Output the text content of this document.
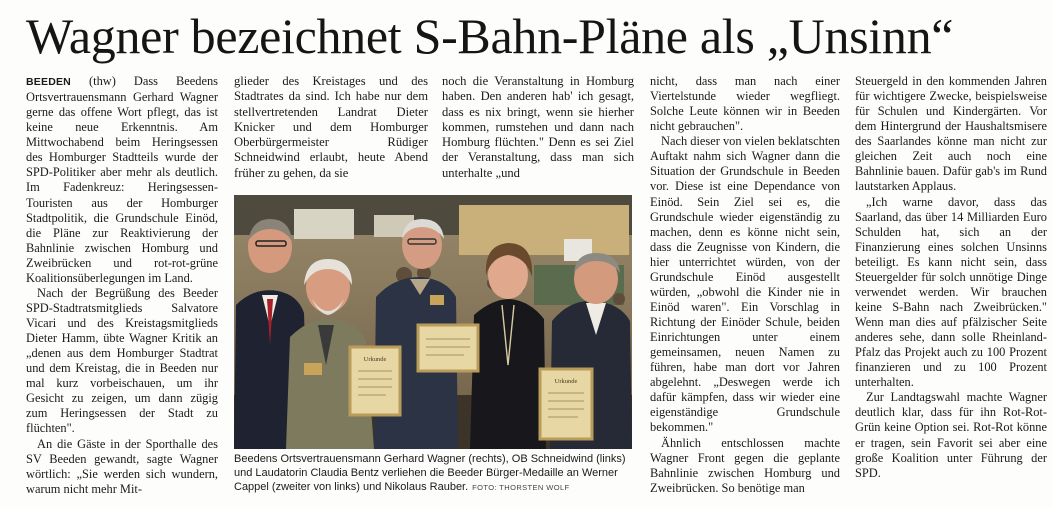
Wagner bezeichnet S-Bahn-Pläne als „Unsinn“

BEEDEN (thw) Dass Beedens Ortsvertrauensmann Gerhard Wagner gerne das offene Wort pflegt, das ist keine neue Erkenntnis. Am Mittwochabend beim Heringsessen des Homburger Stadtteils wurde der SPD-Politiker aber mehr als deutlich. Im Fadenkreuz: Heringsessen-Touristen aus der Homburger Stadtpolitik, die Grundschule Einöd, die Pläne zur Reaktivierung der Bahnlinie zwischen Homburg und Zweibrücken und rot-rot-grüne Koalitionsüberlegungen im Land.

Nach der Begrüßung des Beeder SPD-Stadtratsmitglieds Salvatore Vicari und des Kreistagsmitglieds Dieter Hamm, übte Wagner Kritik an „denen aus dem Homburger Stadtrat und dem Kreistag, die in Beeden nur mal kurz vorbeischauen, um ihr Gesicht zu zeigen, um dann zügig zum Heringsessen der Stadt zu flüchten".

An die Gäste in der Sporthalle des SV Beeden gewandt, sagte Wagner wörtlich: „Sie werden sich wundern, warum nicht mehr Mit-

glieder des Kreistages und des Stadtrates da sind. Ich habe nur dem stellvertretenden Landrat Dieter Knicker und dem Homburger Oberbürgermeister Rüdiger Schneidwind erlaubt, heute Abend früher zu gehen, da sie

noch die Veranstaltung in Homburg haben. Den anderen hab' ich gesagt, dass es nix bringt, wenn sie hierher kommen, rumstehen und dann nach Homburg flüchten." Denn es sei Ziel der Veranstaltung, dass man sich unterhalte „und

nicht, dass man nach einer Viertelstunde wieder wegfliegt. Solche Leute können wir in Beeden nicht gebrauchen".

Nach dieser von vielen beklatschten Auftakt nahm sich Wagner dann die Situation der Grundschule in Beeden vor. Diese ist eine Dependance von Einöd. Sein Ziel sei es, die Grundschule wieder eigenständig zu machen, denn es könne nicht sein, dass die Zeugnisse von Kindern, die hier unterrichtet würden, von der Grundschule Einöd ausgestellt würden, „obwohl die Kinder nie in Einöd waren". Ein Vorschlag in Richtung der Einöder Schule, beiden Einrichtungen unter einem gemeinsamen, neuen Namen zu führen, habe man dort vor Jahren abgelehnt. „Deswegen werde ich dafür kämpfen, dass wir wieder eine eigenständige Grundschule bekommen."

Ähnlich entschlossen machte Wagner Front gegen die geplante Bahnlinie zwischen Homburg und Zweibrücken. So benötige man

Steuergeld in den kommenden Jahren für wichtigere Zwecke, beispielsweise für Schulen und Kindergärten. Vor dem Hintergrund der Haushaltsmisere des Saarlandes könne man nicht zur gleichen Zeit auch noch eine Bahnlinie bauen. Dafür gab's im Rund lautstarken Applaus.

„Ich warne davor, dass das Saarland, das über 14 Milliarden Euro Schulden hat, sich an der Finanzierung eines solchen Unsinns beteiligt. Es kann nicht sein, dass Steuergelder für solch unnötige Dinge verwendet werden. Wir brauchen keine S-Bahn nach Zweibrücken." Wenn man dies auf pfälzischer Seite anderes sehe, dann solle Rheinland-Pfalz das Projekt auch zu 100 Prozent finanzieren und zu 100 Prozent unterhalten.

Zur Landtagswahl machte Wagner deutlich klar, dass für ihn Rot-Rot-Grün keine Option sei. Rot-Rot könne er tragen, sein Favorit sei aber eine große Koalition unter Führung der SPD.

Urkunde
Urkunde
Beedens Ortsvertrauensmann Gerhard Wagner (rechts), OB Schneidwind (links) und Laudatorin Claudia Bentz verliehen die Beeder Bürger-Medaille an Werner Cappel (zweiter von links) und Nikolaus Rauber. FOTO: THORSTEN WOLF
